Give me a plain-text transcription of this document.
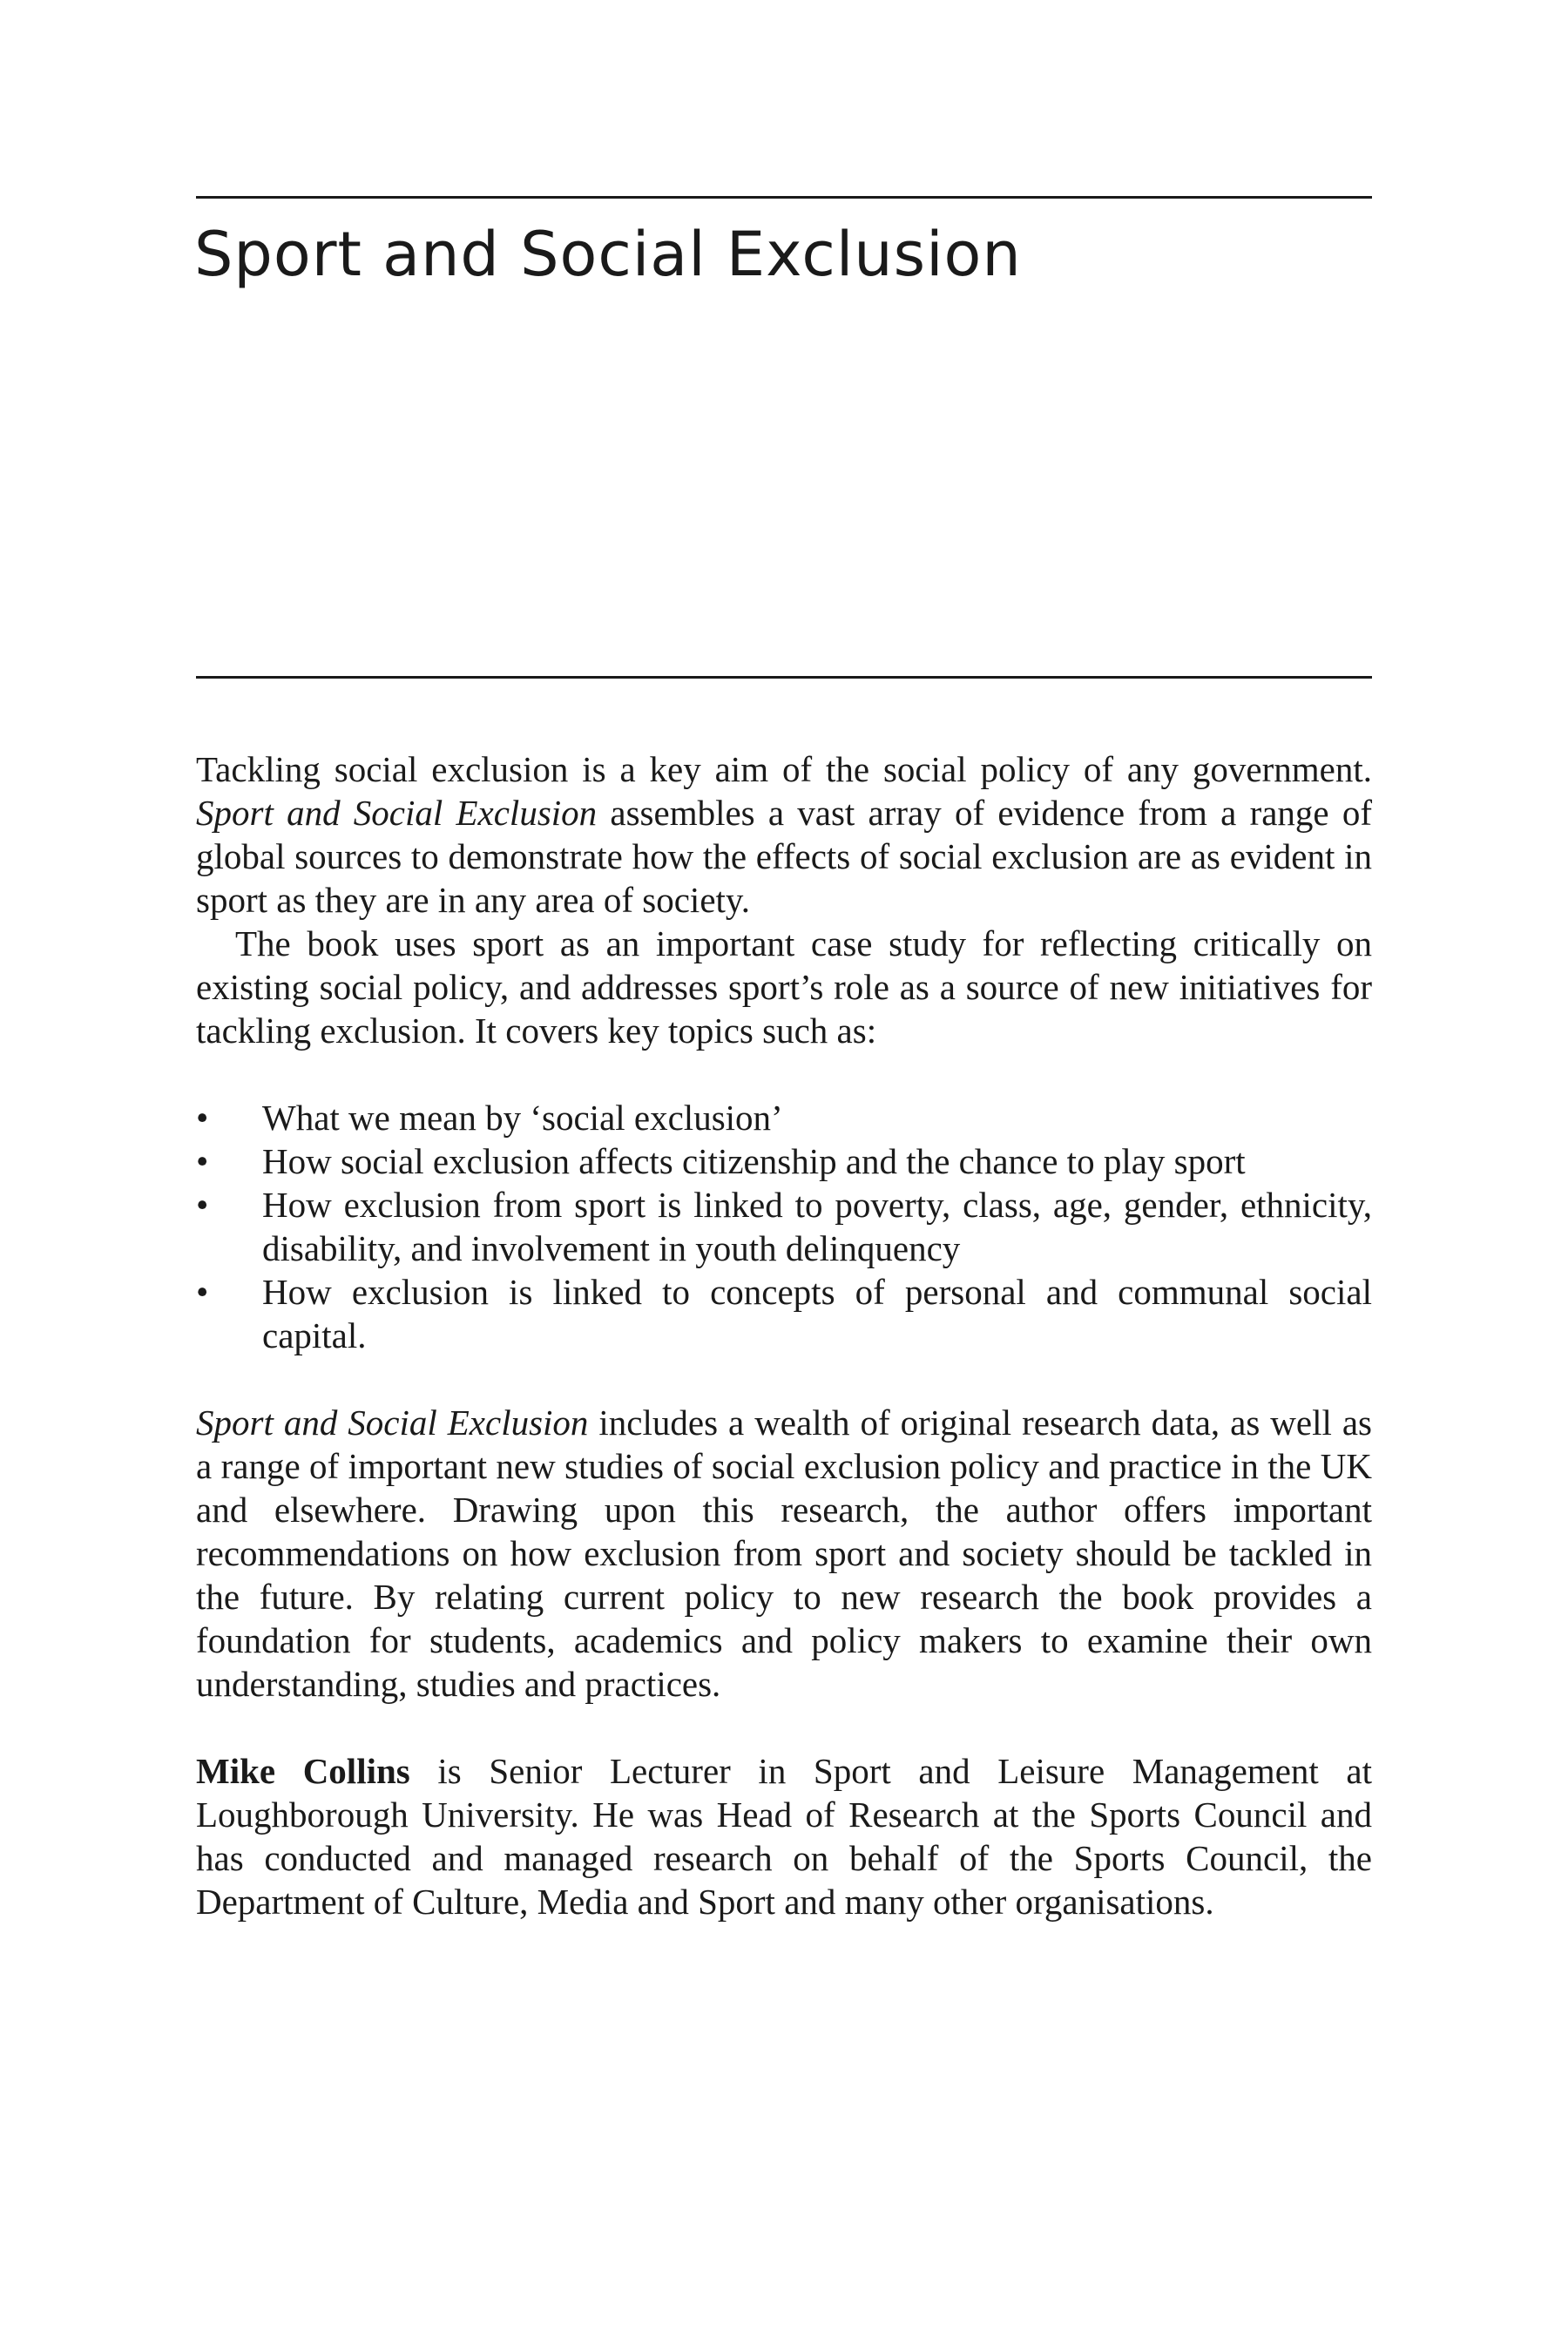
Sport and Social Exclusion

Tackling social exclusion is a key aim of the social policy of any government. Sport and Social Exclusion assembles a vast array of evidence from a range of global sources to demonstrate how the effects of social exclusion are as evident in sport as they are in any area of society.

The book uses sport as an important case study for reflecting critically on existing social policy, and addresses sport’s role as a source of new initiatives for tackling exclusion. It covers key topics such as:

• What we mean by ‘social exclusion’
• How social exclusion affects citizenship and the chance to play sport
• How exclusion from sport is linked to poverty, class, age, gender, ethnicity, disability, and involvement in youth delinquency
• How exclusion is linked to concepts of personal and communal social capital.

Sport and Social Exclusion includes a wealth of original research data, as well as a range of important new studies of social exclusion policy and practice in the UK and elsewhere. Drawing upon this research, the author offers important recommendations on how exclusion from sport and society should be tackled in the future. By relating current policy to new research the book provides a foundation for students, academics and policy makers to examine their own understanding, studies and practices.

Mike Collins is Senior Lecturer in Sport and Leisure Management at Loughborough University. He was Head of Research at the Sports Council and has conducted and managed research on behalf of the Sports Council, the Department of Culture, Media and Sport and many other organisations.
